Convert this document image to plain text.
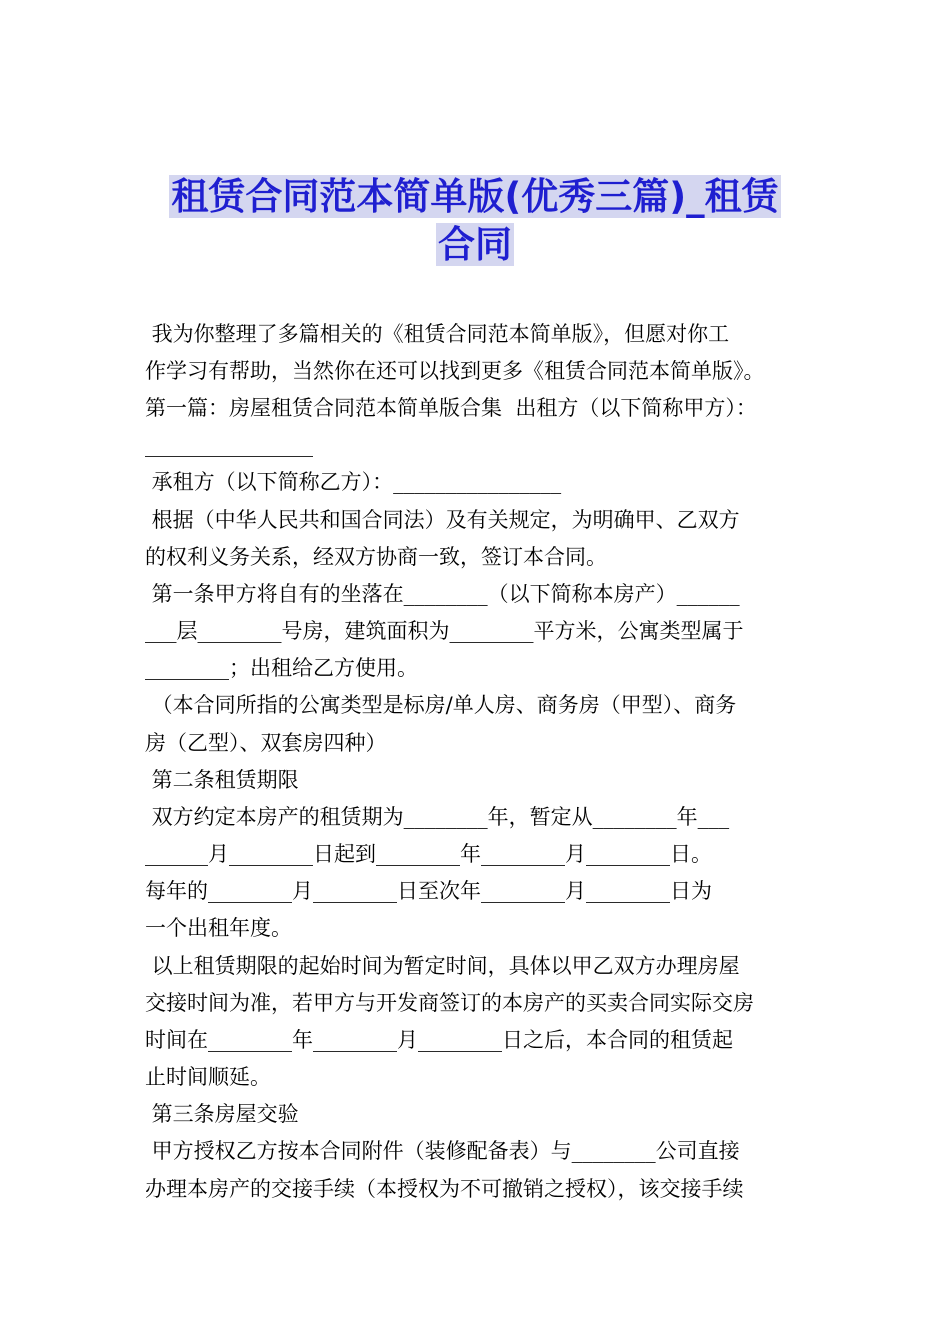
租赁合同范本简单版(优秀三篇)_租赁
合同
我为你整理了多篇相关的《租赁合同范本简单版》，但愿对你工
作学习有帮助，当然你在还可以找到更多《租赁合同范本简单版》。
第一篇：房屋租赁合同范本简单版合集  出租方（以下简称甲方）：
________________
承租方（以下简称乙方）：________________
根据（中华人民共和国合同法）及有关规定，为明确甲、乙双方
的权利义务关系，经双方协商一致，签订本合同。
第一条甲方将自有的坐落在________（以下简称本房产）______
___层________号房，建筑面积为________平方米，公寓类型属于
________；出租给乙方使用。
（本合同所指的公寓类型是标房/单人房、商务房（甲型）、商务
房（乙型）、双套房四种）
第二条租赁期限
双方约定本房产的租赁期为________年，暂定从________年___
______月________日起到________年________月________日。
每年的________月________日至次年________月________日为
一个出租年度。
以上租赁期限的起始时间为暂定时间，具体以甲乙双方办理房屋
交接时间为准，若甲方与开发商签订的本房产的买卖合同实际交房
时间在________年________月________日之后，本合同的租赁起
止时间顺延。
第三条房屋交验
甲方授权乙方按本合同附件（装修配备表）与________公司直接
办理本房产的交接手续（本授权为不可撤销之授权），该交接手续
